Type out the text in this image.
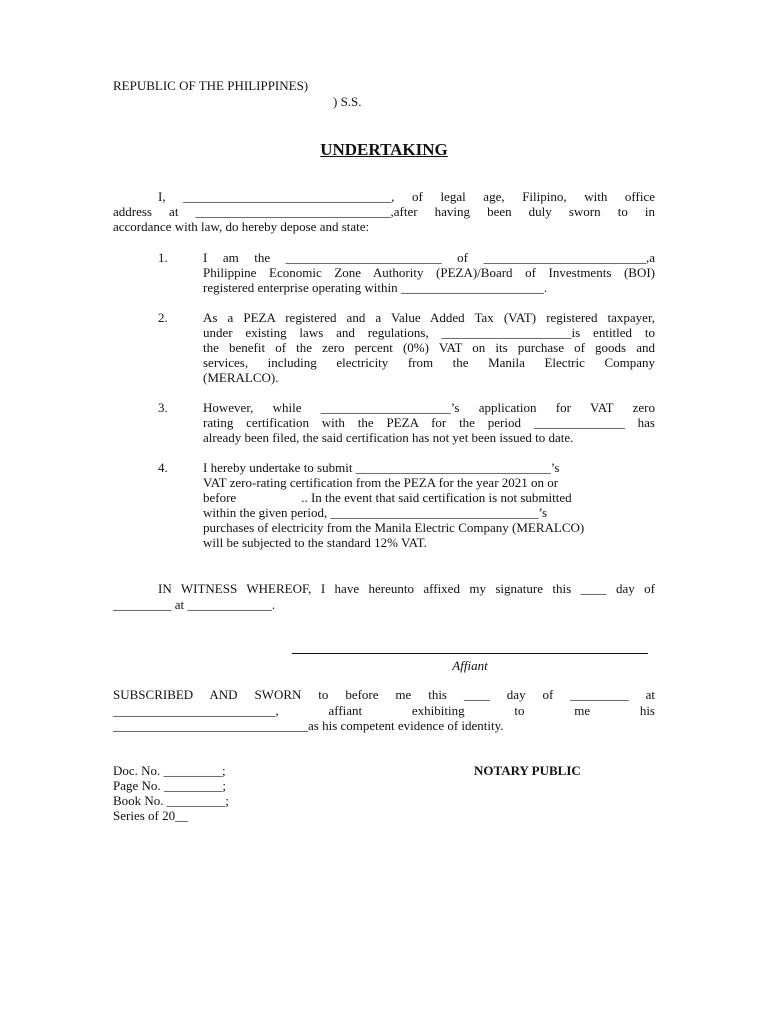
REPUBLIC OF THE PHILIPPINES)
) S.S.
UNDERTAKING
I, ________________________________, of legal age, Filipino, with office
address at ______________________________,after having been duly sworn to in
accordance with law, do hereby depose and state:
1.	I am the ________________________ of _________________________,a
Philippine Economic Zone Authority (PEZA)/Board of Investments (BOI)
registered enterprise operating within ______________________.
2.	As a PEZA registered and a Value Added Tax (VAT) registered taxpayer,
under existing laws and regulations, ____________________is entitled to
the benefit of the zero percent (0%) VAT on its purchase of goods and
services, including electricity from the Manila Electric Company
(MERALCO).
3.	However, while ____________________’s application for VAT zero
rating certification with the PEZA for the period ______________ has
already been filed, the said certification has not yet been issued to date.
4.	I hereby undertake to submit ______________________________’s
VAT zero-rating certification from the PEZA for the year 2021 on or
before                    .. In the event that said certification is not submitted
within the given period, ________________________________’s
purchases of electricity from the Manila Electric Company (MERALCO)
will be subjected to the standard 12% VAT.
IN WITNESS WHEREOF, I have hereunto affixed my signature this ____ day of
_________ at _____________.
Affiant
SUBSCRIBED AND SWORN to before me this ____ day of _________ at
_________________________, affiant exhibiting to me his
______________________________as his competent evidence of identity.
Doc. No. _________;
Page No. _________;
Book No. _________;
Series of 20__
NOTARY PUBLIC
